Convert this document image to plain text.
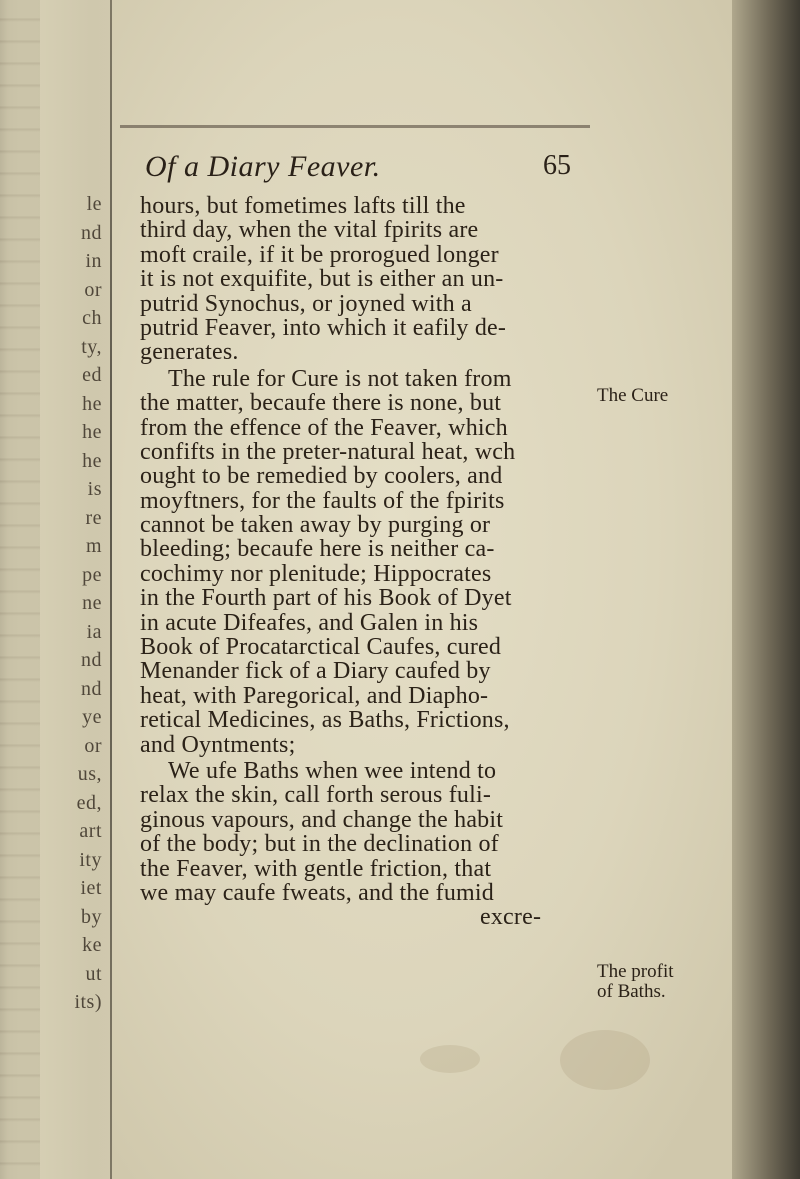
le
nd
in
or
ch
ty,
ed
he
he
he
is
re
m
pe
ne
ia
nd
nd
ye
or
us,
ed,
art
ity
iet
by
ke
ut
its)
Of a Diary Feaver.	65
hours, but fometimes lafts till the
third day, when the vital fpirits are
moft craile, if it be prorogued longer
it is not exquifite, but is either an un-
putrid Synochus, or joyned with a
putrid Feaver, into which it eafily de-
generates.
The rule for Cure is not taken from
the matter, becaufe there is none, but
from the effence of the Feaver, which
confifts in the preter-natural heat, wch
ought to be remedied by coolers, and
moyftners, for the faults of the fpirits
cannot be taken away by purging or
bleeding; becaufe here is neither ca-
cochimy nor plenitude; Hippocrates
in the Fourth part of his Book of Dyet
in acute Difeafes, and Galen in his
Book of Procatarctical Caufes, cured
Menander fick of a Diary caufed by
heat, with Paregorical, and Diapho-
retical Medicines, as Baths, Frictions,
and Oyntments;
We ufe Baths when wee intend to
relax the skin, call forth serous fuli-
ginous vapours, and change the habit
of the body; but in the declination of
the Feaver, with gentle friction, that
we may caufe fweats, and the fumid
excre-
The Cure
The profit
of Baths.
